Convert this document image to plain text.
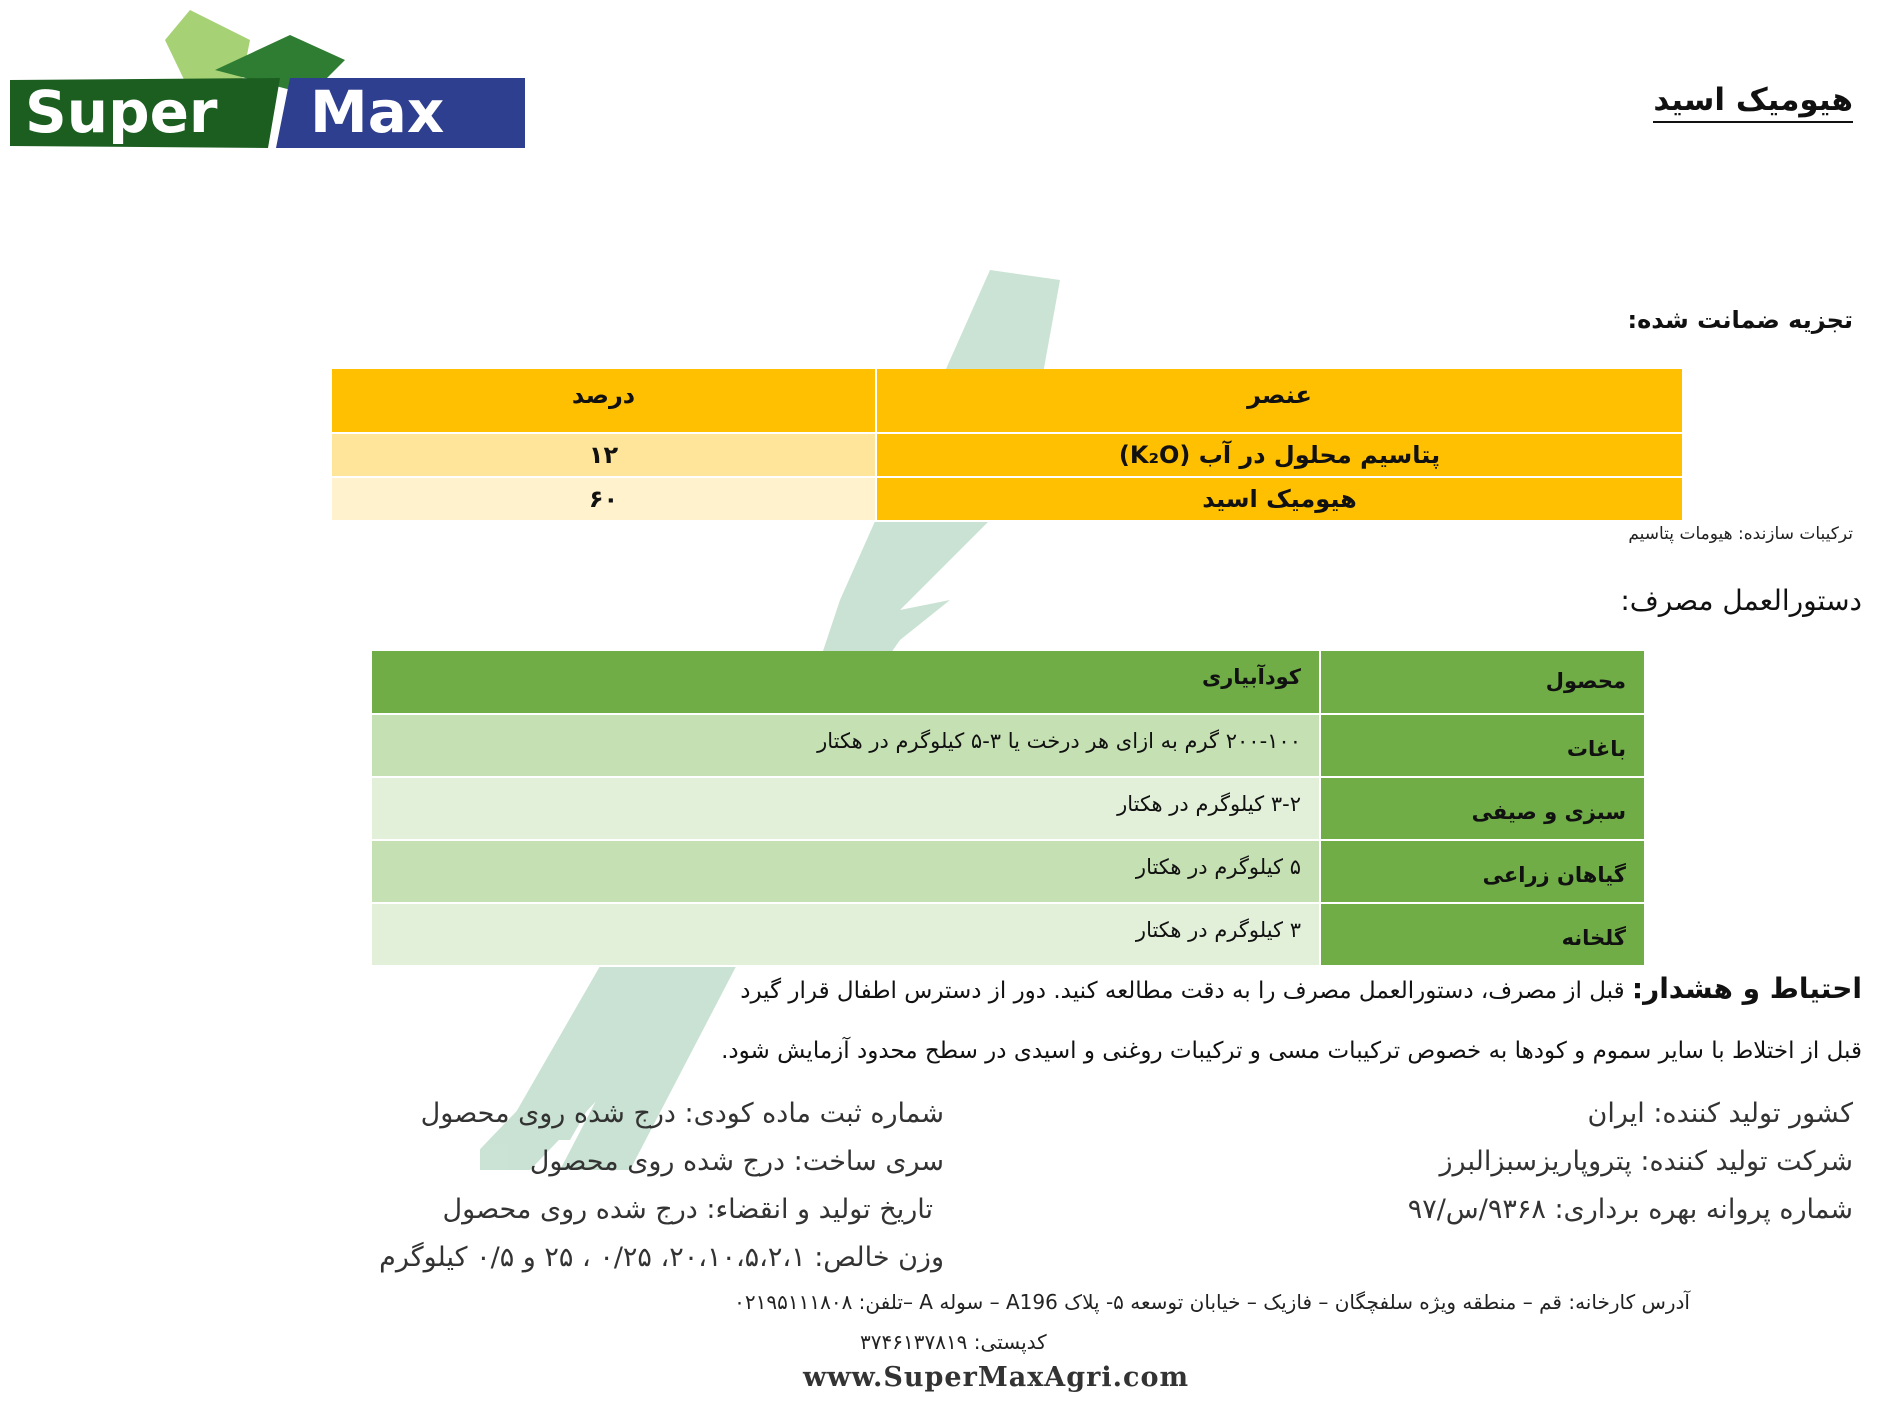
Super Max	هیومیک اسید
تجزیه ضمانت شده:
عنصر	درصد
پتاسیم محلول در آب (K₂O)	۱۲
هیومیک اسید	۶۰
ترکیبات سازنده: هیومات پتاسیم
دستورالعمل مصرف:
محصول	کودآبیاری
باغات	۲۰۰-۱۰۰ گرم به ازای هر درخت یا ۳-۵ کیلوگرم در هکتار
سبزی و صیفی	۳-۲ کیلوگرم در هکتار
گیاهان زراعی	۵ کیلوگرم در هکتار
گلخانه	۳ کیلوگرم در هکتار
احتیاط و هشدار: قبل از مصرف، دستورالعمل مصرف را به دقت مطالعه کنید. دور از دسترس اطفال قرار گیرد
قبل از اختلاط با سایر سموم و کودها به خصوص ترکیبات مسی و ترکیبات روغنی و اسیدی در سطح محدود آزمایش شود.
کشور تولید کننده: ایران
شرکت تولید کننده: پتروپاریزسبزالبرز
شماره پروانه بهره برداری: ۹۳۶۸/س/۹۷
شماره ثبت ماده کودی: درج شده روی محصول
سری ساخت: درج شده روی محصول
تاریخ تولید و انقضاء: درج شده روی محصول
وزن خالص: ۲۰،۱۰،۵،۲،۱، ۰/۲۵ ، ۲۵ و ۰/۵ کیلوگرم
آدرس کارخانه: قم – منطقه ویژه سلفچگان – فازیک – خیابان توسعه ۵- پلاک A196 – سوله A –تلفن: ۰۲۱۹۵۱۱۱۸۰۸
کدپستی: ۳۷۴۶۱۳۷۸۱۹
www.SuperMaxAgri.com
